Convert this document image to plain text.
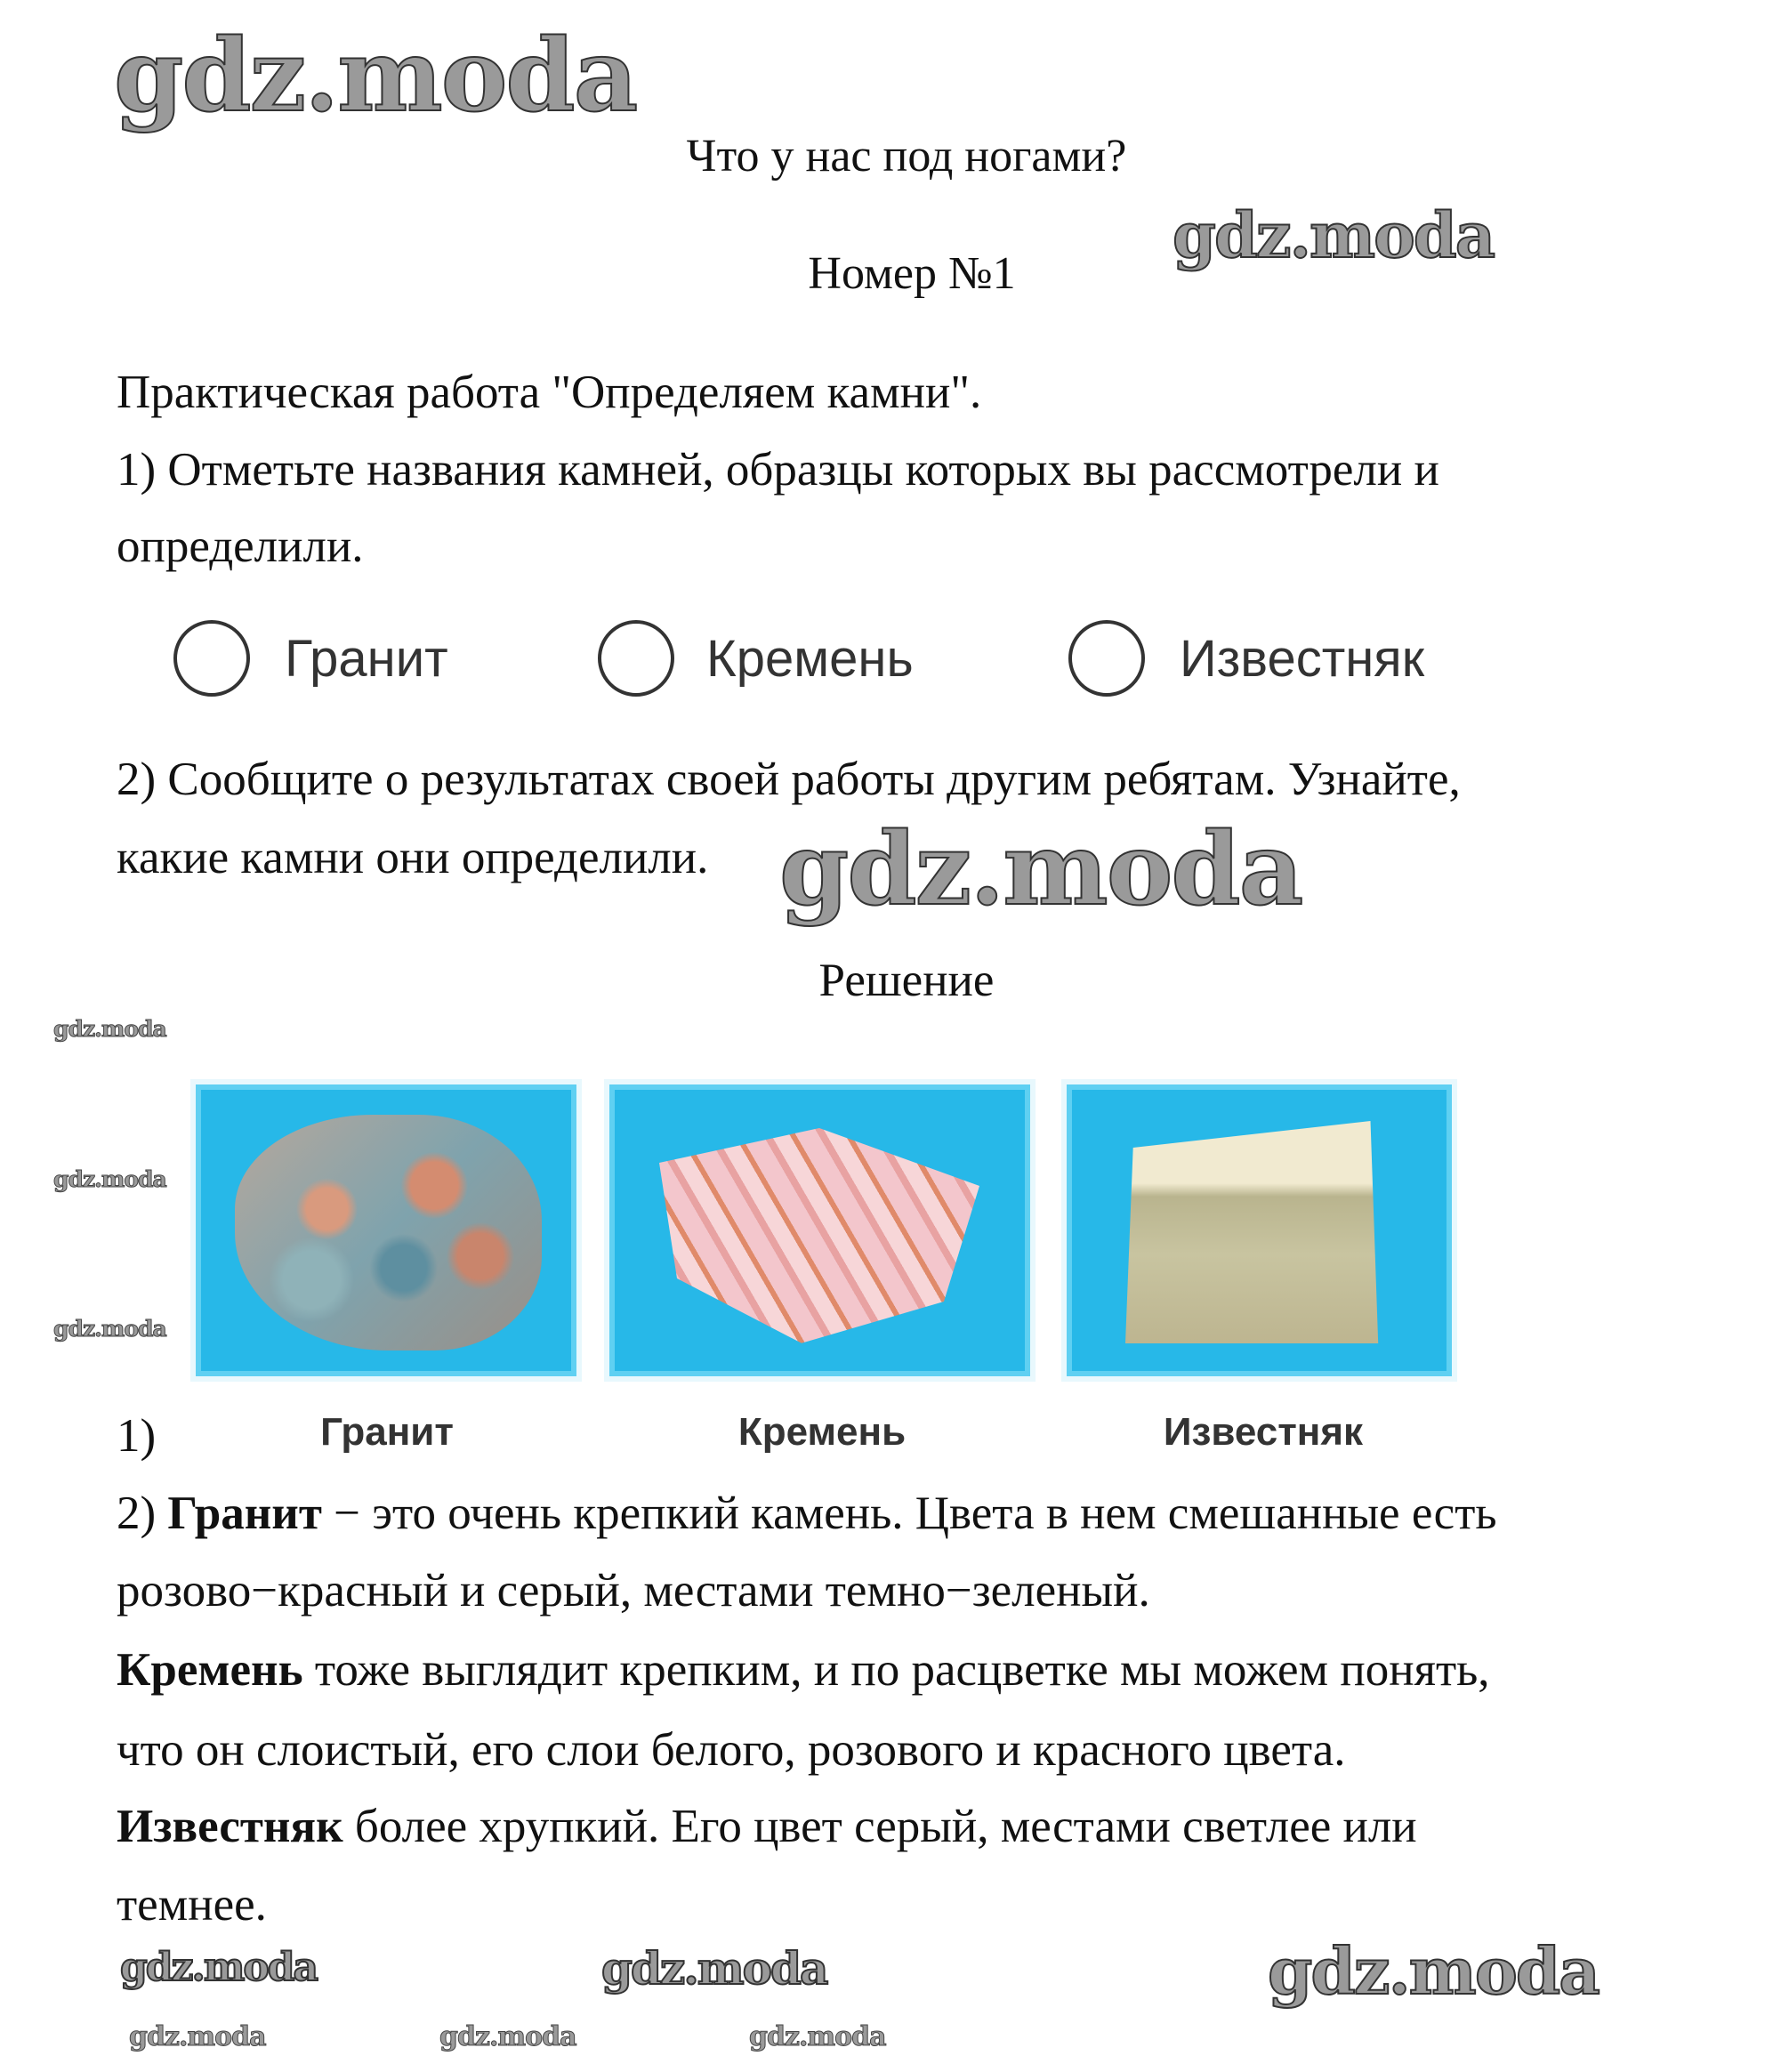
Что у нас под ногами?
Номер №1
gdz.moda
gdz.moda
gdz.moda
gdz.moda
gdz.moda
gdz.moda
Практическая работа "Определяем камни".
1) Отметьте названия камней, образцы которых вы рассмотрели и
определили.
Гранит	Кремень	Известняк
2) Сообщите о результатах своей работы другим ребятам. Узнайте,
какие камни они определили.
Решение
1)	Гранит	Кремень	Известняк
2) Гранит − это очень крепкий камень. Цвета в нем смешанные есть
розово−красный и серый, местами темно−зеленый.
Кремень тоже выглядит крепким, и по расцветке мы можем понять,
что он слоистый, его слои белого, розового и красного цвета.
Известняк более хрупкий. Его цвет серый, местами светлее или
темнее.
gdz.moda	gdz.moda	gdz.moda
gdz.moda	gdz.moda	gdz.moda
